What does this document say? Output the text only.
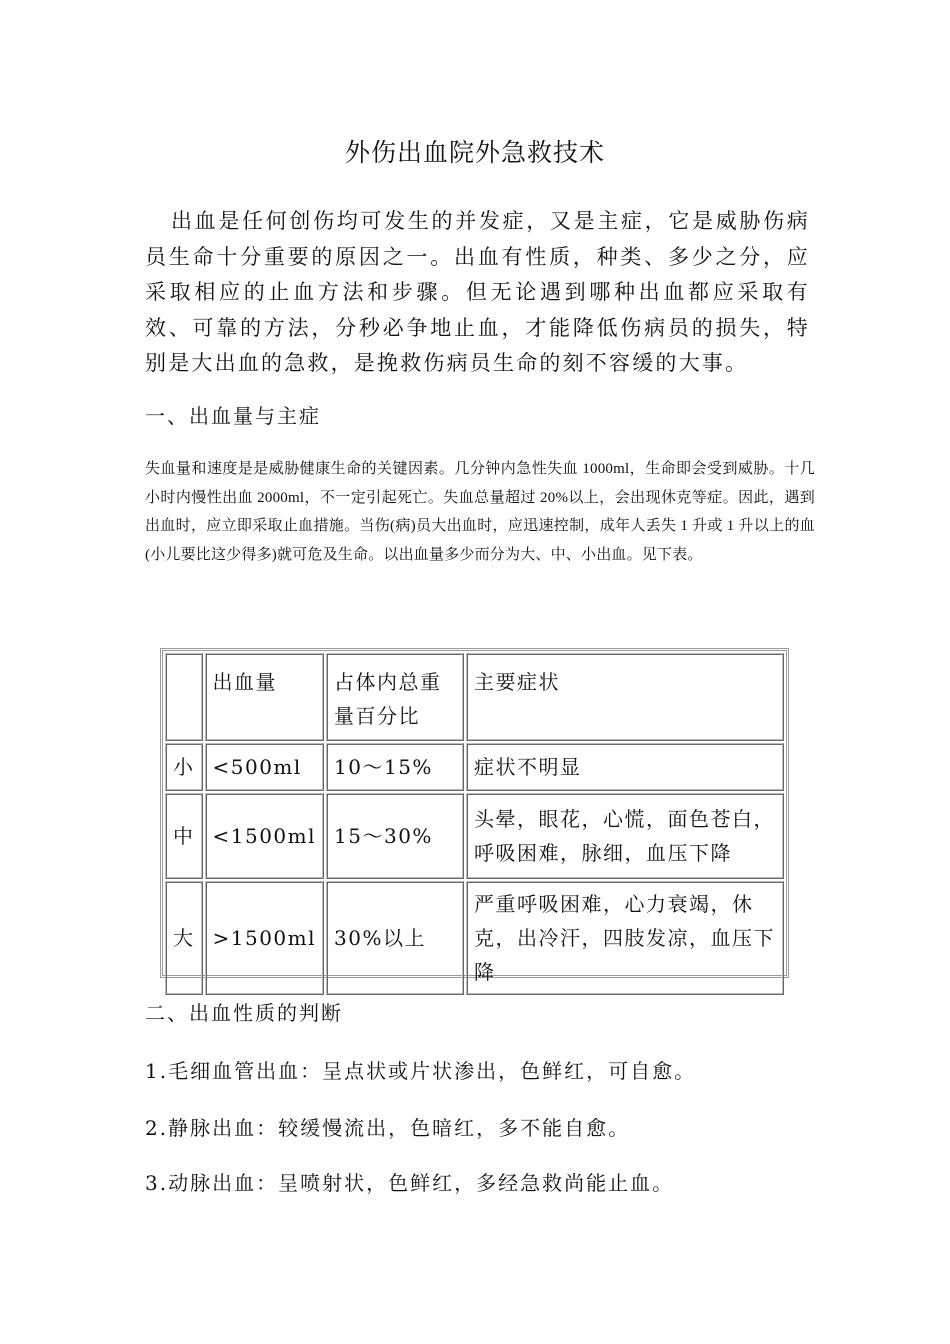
外伤出血院外急救技术

出血是任何创伤均可发生的并发症，又是主症，它是威胁伤病员生命十分重要的原因之一。出血有性质，种类、多少之分，应采取相应的止血方法和步骤。但无论遇到哪种出血都应采取有效、可靠的方法，分秒必争地止血，才能降低伤病员的损失，特别是大出血的急救，是挽救伤病员生命的刻不容缓的大事。

一、出血量与主症

失血量和速度是是威胁健康生命的关键因素。几分钟内急性失血 1000ml，生命即会受到威胁。十几小时内慢性出血 2000ml，不一定引起死亡。失血总量超过 20%以上，会出现休克等症。因此，遇到出血时，应立即采取止血措施。当伤(病)员大出血时，应迅速控制，成年人丢失 1 升或 1 升以上的血(小儿要比这少得多)就可危及生命。以出血量多少而分为大、中、小出血。见下表。

	出血量	占体内总重量百分比	主要症状
小	<500ml	10～15%	症状不明显
中	<1500ml	15～30%	头晕，眼花，心慌，面色苍白，呼吸困难，脉细，血压下降
大	>1500ml	30%以上	严重呼吸困难，心力衰竭，休克，出冷汗，四肢发凉，血压下降
二、出血性质的判断
1.毛细血管出血：呈点状或片状渗出，色鲜红，可自愈。
2.静脉出血：较缓慢流出，色暗红，多不能自愈。
3.动脉出血：呈喷射状，色鲜红，多经急救尚能止血。
